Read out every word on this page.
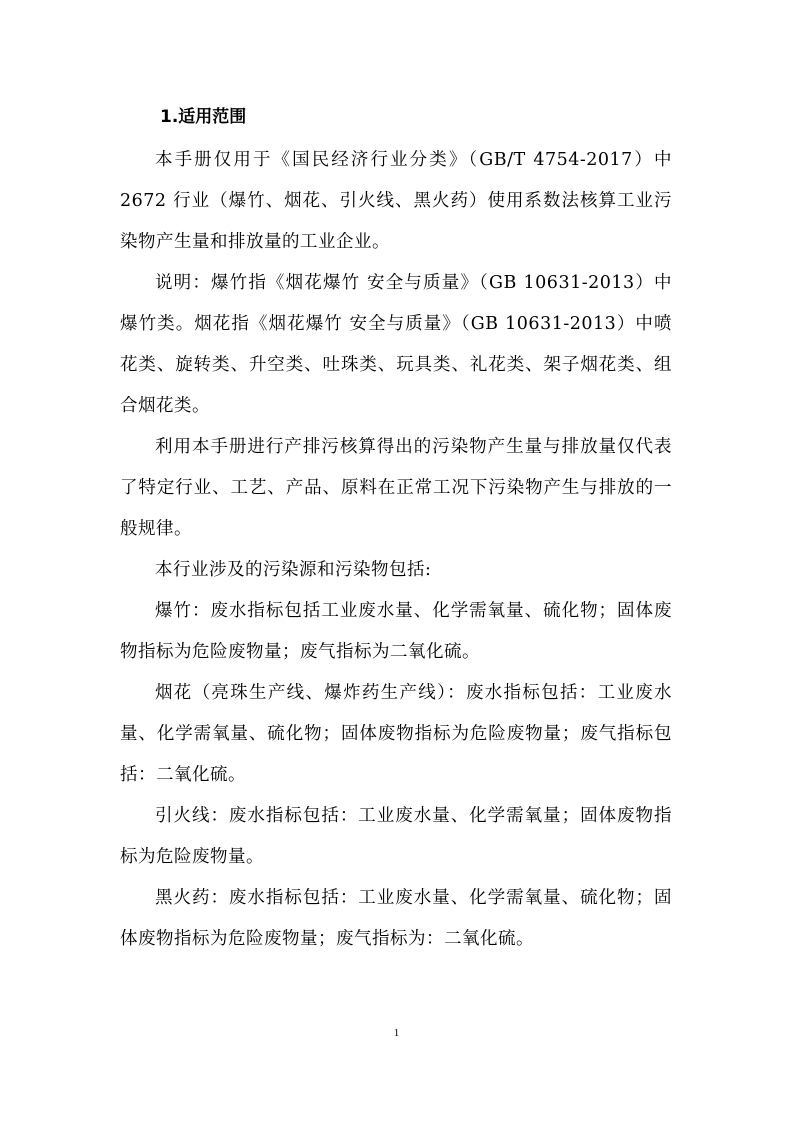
1.适用范围

本手册仅用于《国民经济行业分类》（GB/T 4754-2017）中 2672 行业（爆竹、烟花、引火线、黑火药）使用系数法核算工业污染物产生量和排放量的工业企业。

说明：爆竹指《烟花爆竹 安全与质量》（GB 10631-2013）中爆竹类。烟花指《烟花爆竹 安全与质量》（GB 10631-2013）中喷花类、旋转类、升空类、吐珠类、玩具类、礼花类、架子烟花类、组合烟花类。

利用本手册进行产排污核算得出的污染物产生量与排放量仅代表了特定行业、工艺、产品、原料在正常工况下污染物产生与排放的一般规律。

本行业涉及的污染源和污染物包括:

爆竹：废水指标包括工业废水量、化学需氧量、硫化物；固体废物指标为危险废物量；废气指标为二氧化硫。

烟花（亮珠生产线、爆炸药生产线）：废水指标包括：工业废水量、化学需氧量、硫化物；固体废物指标为危险废物量；废气指标包括：二氧化硫。

引火线：废水指标包括：工业废水量、化学需氧量；固体废物指标为危险废物量。

黑火药：废水指标包括：工业废水量、化学需氧量、硫化物；固体废物指标为危险废物量；废气指标为：二氧化硫。

1
